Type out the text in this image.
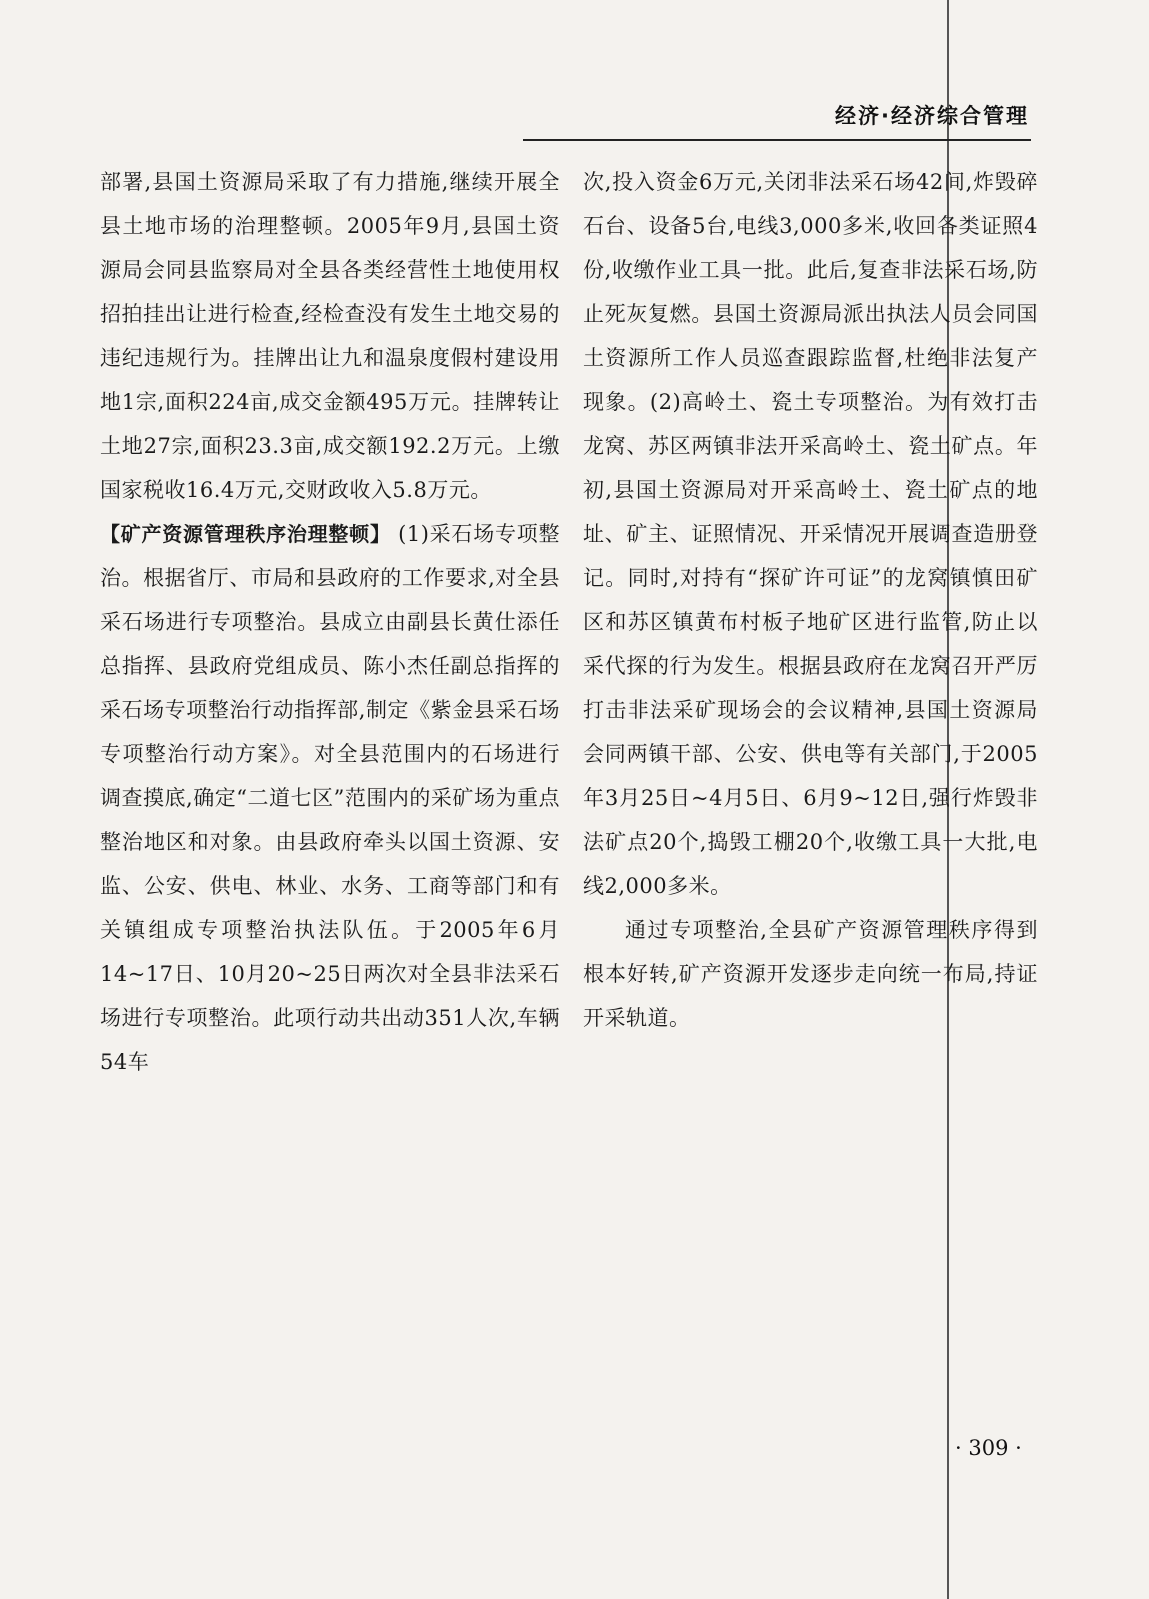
经济·经济综合管理

部署,县国土资源局采取了有力措施,继续开展全县土地市场的治理整顿。2005年9月,县国土资源局会同县监察局对全县各类经营性土地使用权招拍挂出让进行检查,经检查没有发生土地交易的违纪违规行为。挂牌出让九和温泉度假村建设用地1宗,面积224亩,成交金额495万元。挂牌转让土地27宗,面积23.3亩,成交额192.2万元。上缴国家税收16.4万元,交财政收入5.8万元。

【矿产资源管理秩序治理整顿】 (1)采石场专项整治。根据省厅、市局和县政府的工作要求,对全县采石场进行专项整治。县成立由副县长黄仕添任总指挥、县政府党组成员、陈小杰任副总指挥的采石场专项整治行动指挥部,制定《紫金县采石场专项整治行动方案》。对全县范围内的石场进行调查摸底,确定“二道七区”范围内的采矿场为重点整治地区和对象。由县政府牵头以国土资源、安监、公安、供电、林业、水务、工商等部门和有关镇组成专项整治执法队伍。于2005年6月14~17日、10月20~25日两次对全县非法采石场进行专项整治。此项行动共出动351人次,车辆54车

次,投入资金6万元,关闭非法采石场42间,炸毁碎石台、设备5台,电线3,000多米,收回各类证照4份,收缴作业工具一批。此后,复查非法采石场,防止死灰复燃。县国土资源局派出执法人员会同国土资源所工作人员巡查跟踪监督,杜绝非法复产现象。(2)高岭土、瓷土专项整治。为有效打击龙窝、苏区两镇非法开采高岭土、瓷土矿点。年初,县国土资源局对开采高岭土、瓷土矿点的地址、矿主、证照情况、开采情况开展调查造册登记。同时,对持有“探矿许可证”的龙窝镇慎田矿区和苏区镇黄布村板子地矿区进行监管,防止以采代探的行为发生。根据县政府在龙窝召开严厉打击非法采矿现场会的会议精神,县国土资源局会同两镇干部、公安、供电等有关部门,于2005年3月25日~4月5日、6月9~12日,强行炸毁非法矿点20个,捣毁工棚20个,收缴工具一大批,电线2,000多米。

通过专项整治,全县矿产资源管理秩序得到根本好转,矿产资源开发逐步走向统一布局,持证开采轨道。

· 309 ·
